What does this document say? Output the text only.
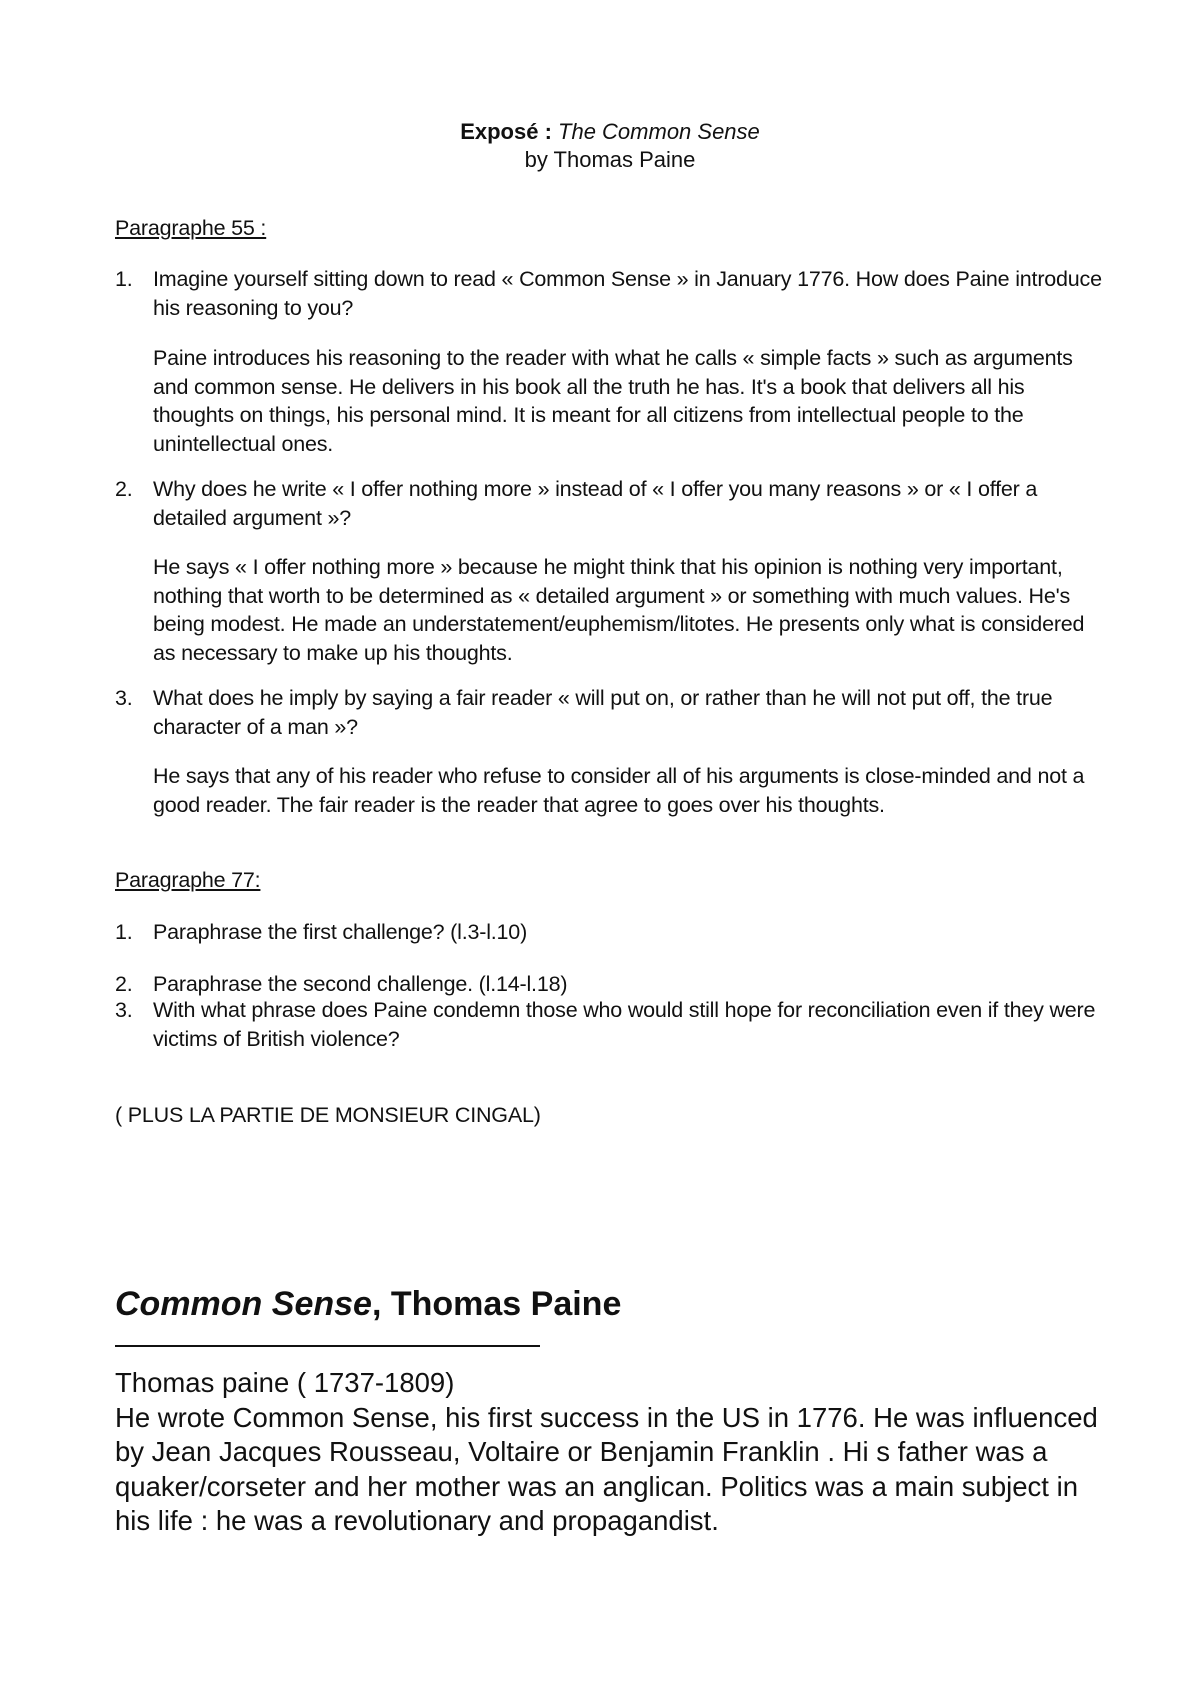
Exposé : The Common Sense
by Thomas Paine
Paragraphe 55 :
1. Imagine yourself sitting down to read « Common Sense » in January 1776. How does Paine introduce his reasoning to you?
Paine introduces his reasoning to the reader with what he calls « simple facts » such as arguments and common sense. He delivers in his book all the truth he has. It's a book that delivers all his thoughts on things, his personal mind. It is meant for all citizens from intellectual people to the unintellectual ones.
2. Why does he write « I offer nothing more » instead of « I offer you many reasons » or « I offer a detailed argument »?
He says « I offer nothing more » because he might think that his opinion is nothing very important, nothing that worth to be determined as « detailed argument » or something with much values. He's being modest. He made an understatement/euphemism/litotes. He presents only what is considered as necessary to make up his thoughts.
3. What does he imply by saying a fair reader « will put on, or rather than he will not put off, the true character of a man »?
He says that any of his reader who refuse to consider all of his arguments is close-minded and not a good reader. The fair reader is the reader that agree to goes over his thoughts.
Paragraphe 77:
1. Paraphrase the first challenge? (l.3-l.10)
2. Paraphrase the second challenge. (l.14-l.18)
3. With what phrase does Paine condemn those who would still hope for reconciliation even if they were victims of British violence?
( PLUS LA PARTIE DE MONSIEUR CINGAL)
Common Sense, Thomas Paine
Thomas paine ( 1737-1809)
He wrote Common Sense, his first success in the US in 1776. He was influenced by Jean Jacques Rousseau, Voltaire or Benjamin Franklin . Hi s father was a quaker/corseter and her mother was an anglican. Politics was a main subject in his life : he was a revolutionary and propagandist.
